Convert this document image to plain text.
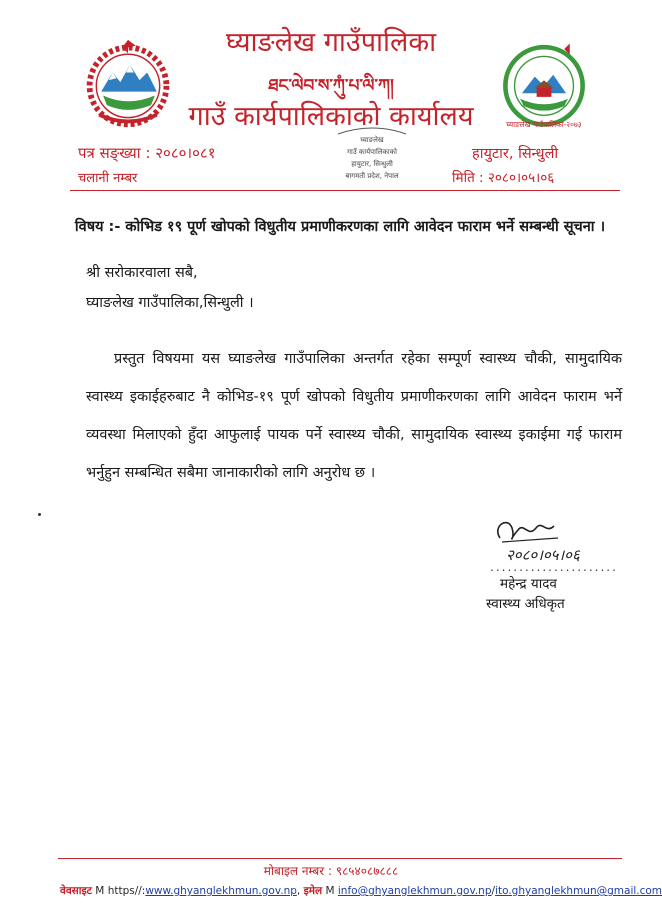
घ्याङलेख गाउँपालिका
ཐང་ལེབ་ས་ཀུཾ་པ་ལི་ཀ།
गाउँ कार्यपालिकाको कार्यालय	घ्याङलेख गाउँपालिका-२०७३
पत्र सङ्ख्या : २०८०।०८१
चलानी नम्बर
हायुटार, सिन्धुली
मिति : २०८०।०५।०६
घ्याङलेख
गाउँ कार्यपालिकाको
हायुटार, सिन्धुली
बागमती प्रदेश, नेपाल
विषय :- कोभिड १९ पूर्ण खोपको विधुतीय प्रमाणीकरणका लागि आवेदन फाराम भर्ने सम्बन्धी सूचना ।
श्री सरोकारवाला सबै,
घ्याङलेख गाउँपालिका,सिन्धुली ।
प्रस्तुत विषयमा यस घ्याङलेख गाउँपालिका अन्तर्गत रहेका सम्पूर्ण स्वास्थ्य चौकी, सामुदायिक स्वास्थ्य इकाईहरुबाट नै कोभिड-१९ पूर्ण खोपको विधुतीय प्रमाणीकरणका लागि आवेदन फाराम भर्ने व्यवस्था मिलाएको हुँदा आफुलाई पायक पर्ने स्वास्थ्य चौकी, सामुदायिक स्वास्थ्य इकाईमा गई फाराम भर्नुहुन सम्बन्धित सबैमा जानाकारीको लागि अनुरोध छ ।
२०८०।०५।०६
......................
महेन्द्र यादव
स्वास्थ्य अधिकृत
मोबाइल नम्बर : ९८५४०८७८८८
वेवसाइट M https//:www.ghyanglekhmun.gov.np, इमेल M info@ghyanglekhmun.gov.np/ito.ghyanglekhmun@gmail.com
